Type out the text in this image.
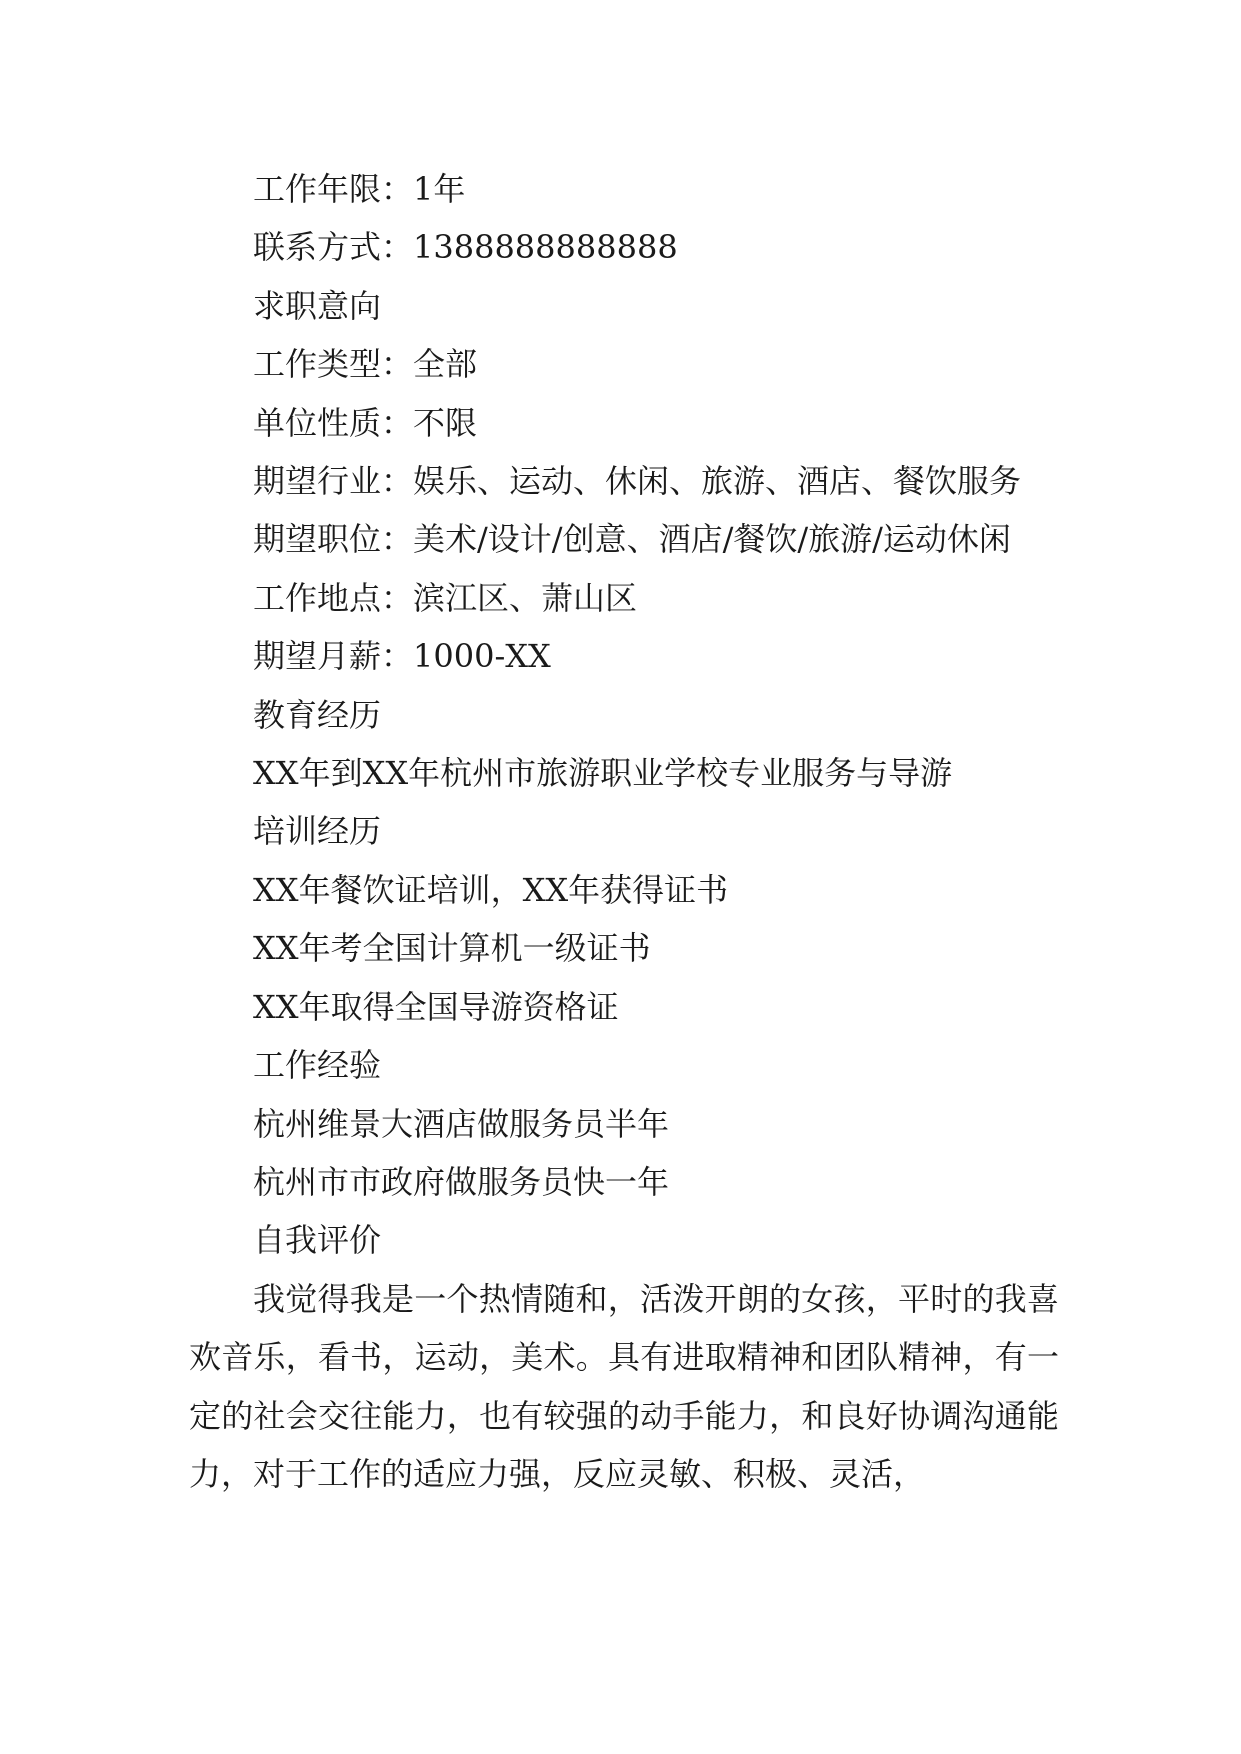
工作年限：1年

联系方式：1388888888888

求职意向

工作类型：全部

单位性质：不限

期望行业：娱乐、运动、休闲、旅游、酒店、餐饮服务

期望职位：美术/设计/创意、酒店/餐饮/旅游/运动休闲

工作地点：滨江区、萧山区

期望月薪：1000-XX

教育经历

XX年到XX年杭州市旅游职业学校专业服务与导游

培训经历

XX年餐饮证培训，XX年获得证书

XX年考全国计算机一级证书

XX年取得全国导游资格证

工作经验

杭州维景大酒店做服务员半年

杭州市市政府做服务员快一年

自我评价

我觉得我是一个热情随和，活泼开朗的女孩，平时的我喜欢音乐，看书，运动，美术。具有进取精神和团队精神，有一定的社会交往能力，也有较强的动手能力，和良好协调沟通能力，对于工作的适应力强，反应灵敏、积极、灵活，
